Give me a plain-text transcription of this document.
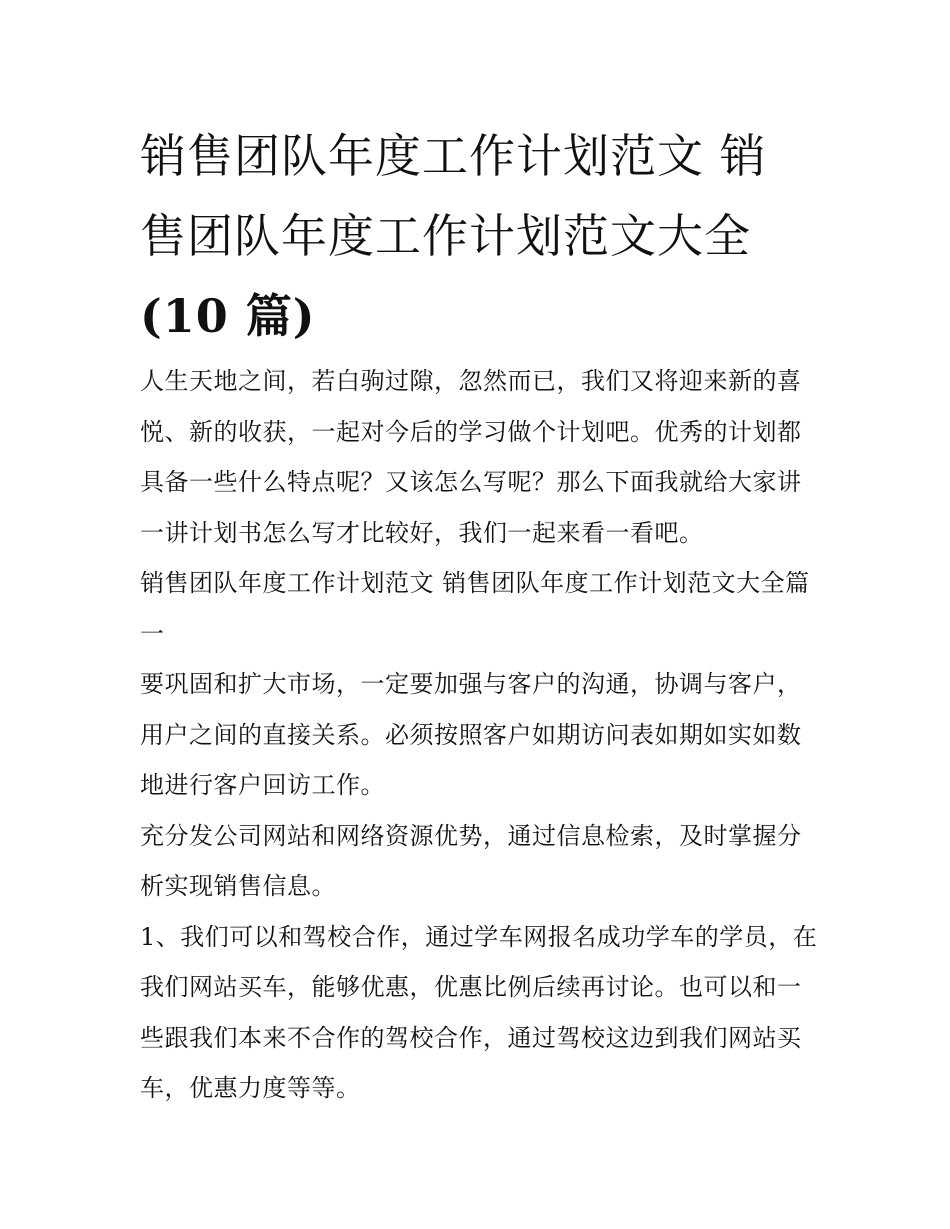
销售团队年度工作计划范文 销
售团队年度工作计划范文大全
(10 篇)

人生天地之间，若白驹过隙，忽然而已，我们又将迎来新的喜悦、新的收获，一起对今后的学习做个计划吧。优秀的计划都具备一些什么特点呢？又该怎么写呢？那么下面我就给大家讲一讲计划书怎么写才比较好，我们一起来看一看吧。

销售团队年度工作计划范文 销售团队年度工作计划范文大全篇一

要巩固和扩大市场，一定要加强与客户的沟通，协调与客户，用户之间的直接关系。必须按照客户如期访问表如期如实如数地进行客户回访工作。

充分发公司网站和网络资源优势，通过信息检索，及时掌握分析实现销售信息。

1、我们可以和驾校合作，通过学车网报名成功学车的学员，在我们网站买车，能够优惠，优惠比例后续再讨论。也可以和一些跟我们本来不合作的驾校合作，通过驾校这边到我们网站买车，优惠力度等等。
